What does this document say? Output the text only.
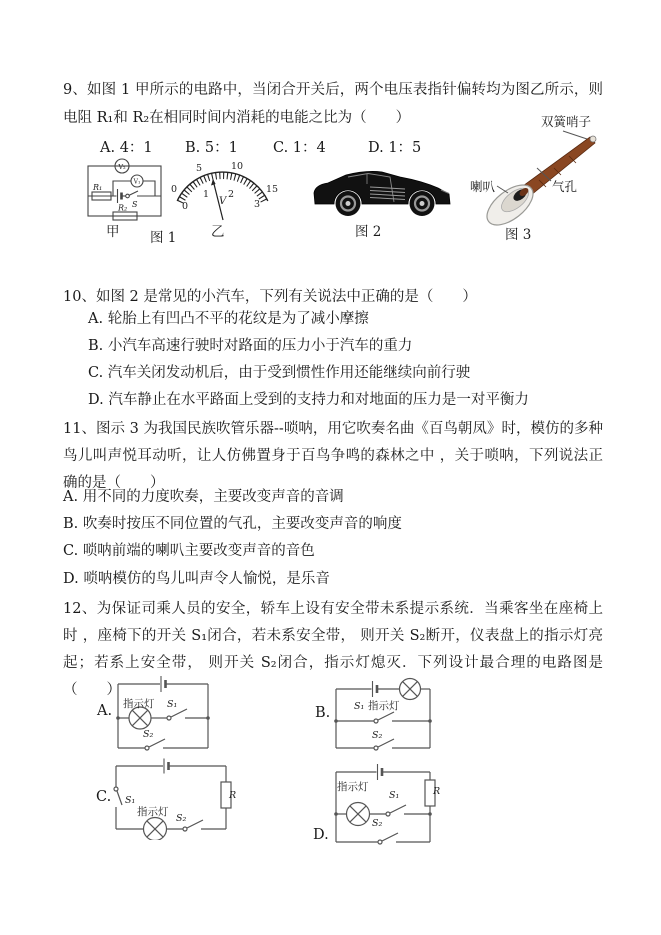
9、如图 1 甲所示的电路中，当闭合开关后，两个电压表指针偏转均为图乙所示，则电阻 R₁和 R₂在相同时间内消耗的电能之比为（　　）
A. 4：1 B. 5：1 C. 1：4	D. 1：5
R₁
S
V₂
V₁
R₂
0
5	10
15
0
1 2
3
V
甲 图 1	乙	图 2
双簧哨子
喇叭	气孔
图 3
10、如图 2 是常见的小汽车，下列有关说法中正确的是（　　）
A. 轮胎上有凹凸不平的花纹是为了减小摩擦
B. 小汽车高速行驶时对路面的压力小于汽车的重力
C. 汽车关闭发动机后，由于受到惯性作用还能继续向前行驶
D. 汽车静止在水平路面上受到的支持力和对地面的压力是一对平衡力
11、图示 3 为我国民族吹管乐器--唢呐，用它吹奏名曲《百鸟朝凤》时，模仿的多种鸟儿叫声悦耳动听，让人仿佛置身于百鸟争鸣的森林之中 ，关于唢呐，下列说法正确的是（　　）
A. 用不同的力度吹奏，主要改变声音的音调
B. 吹奏时按压不同位置的气孔，主要改变声音的响度
C. 唢呐前端的喇叭主要改变声音的音色
D. 唢呐模仿的鸟儿叫声令人愉悦，是乐音
12、为保证司乘人员的安全，轿车上设有安全带未系提示系统．当乘客坐在座椅上时 ，座椅下的开关 S₁闭合，若未系安全带， 则开关 S₂断开，仪表盘上的指示灯亮起；若系上安全带， 则开关 S₂闭合，指示灯熄灭．下列设计最合理的电路图是（　　）
A. 指示灯 S₁
S₂
B. S₁ 指示灯
S₂
C. S₁	R
指示灯
S₂
D.
指示灯
S₁
S₂
R
